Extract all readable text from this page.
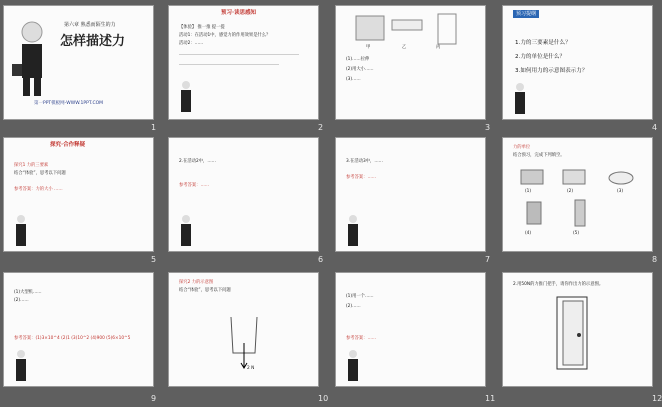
第六章 熟悉而陌生的力
怎样描述力
第一PPT模板网-WWW.1PPT.COM
1
预习·读思感知
【体验】 推一推 提一提
活动1：在活动1中，感觉力的作用效果是什么？
活动2：……
2
甲	乙	丙
(1)……拉伸
(2)用大小……
(3)……
3
预习提纲
1.力的三要素是什么？
2.力的单位是什么？
3.如何用力的示意图表示力？
4
探究·合作释疑
探究1 力的三要素
结合“体验”，思考以下问题
参考答案：力的大小 ……
5
2.在活动2中，……
参考答案：……
6
3.在活动3中，……
参考答案：……
7
力的单位
结合预习，完成下列填空。
(1)	(2)	(3)
(4)	(5)
8
(1)大型机……
(2)……
参考答案：(1)3×10^4 (2)1 (3)10^2 (4)900 (5)6×10^5
9
探究2 力的示意图
结合“体验”，思考以下问题
2 N
10
(1)用一个……
(2)……
参考答案：……
11
2.用50N的力推门把手，请你作出力的示意图。
12
